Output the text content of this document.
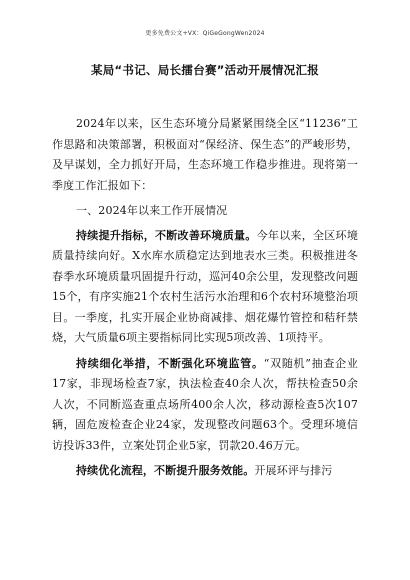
更多免费公文+VX：QiGeGongWen2024
某局“书记、局长擂台赛”活动开展情况汇报

2024年以来，区生态环境分局紧紧围绕全区“11236”工作思路和决策部署，积极面对“保经济、保生态”的严峻形势，及早谋划，全力抓好开局，生态环境工作稳步推进。现将第一季度工作汇报如下：

一、2024年以来工作开展情况

持续提升指标，不断改善环境质量。今年以来，全区环境质量持续向好。X水库水质稳定达到地表水三类。积极推进冬春季水环境质量巩固提升行动，巡河40余公里，发现整改问题15个，有序实施21个农村生活污水治理和6个农村环境整治项目。一季度，扎实开展企业协商减排、烟花爆竹管控和秸秆禁烧，大气质量6项主要指标同比实现5项改善、1项持平。

持续细化举措，不断强化环境监管。“双随机”抽查企业17家，非现场检查7家，执法检查40余人次，帮扶检查50余人次，不同断巡查重点场所400余人次，移动源检查5次107辆，固危废检查企业24家，发现整改问题63个。受理环境信访投诉33件，立案处罚企业5家，罚款20.46万元。

持续优化流程，不断提升服务效能。开展环评与排污
